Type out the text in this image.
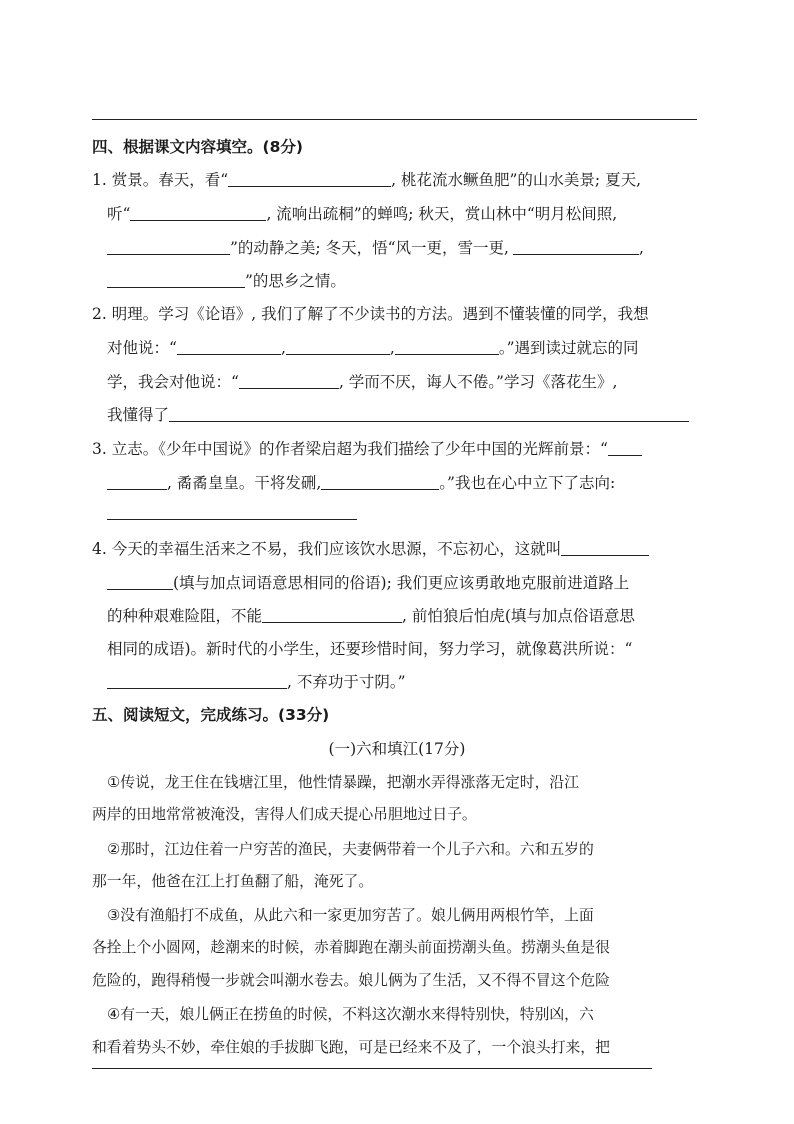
四、根据课文内容填空。(8分)
1. 赏景。春天，看“	, 桃花流水鳜鱼肥”的山水美景; 夏天,
听“	, 流响出疏桐”的蝉鸣; 秋天，赏山林中“明月松间照,
”的动静之美; 冬天，悟“风一更，雪一更,	,
”的思乡之情。
2. 明理。学习《论语》, 我们了解了不少读书的方法。遇到不懂装懂的同学，我想
对他说：“	,	,	。”遇到读过就忘的同
学，我会对他说：“	, 学而不厌，诲人不倦。”学习《落花生》,
我懂得了
3. 立志。《少年中国说》的作者梁启超为我们描绘了少年中国的光辉前景：“
, 矞矞皇皇。干将发硎,	。”我也在心中立下了志向:
4. 今天的幸福生活来之不易，我们应该饮水思源，不忘初心，这就叫
(填与加点词语意思相同的俗语); 我们更应该勇敢地克服前进道路上
的种种艰难险阻，不能	, 前怕狼后怕虎(填与加点俗语意思
相同的成语)。新时代的小学生，还要珍惜时间，努力学习，就像葛洪所说：“
, 不弃功于寸阴。”
五、阅读短文，完成练习。(33分)
(一)六和填江(17分)
①传说，龙王住在钱塘江里，他性情暴躁，把潮水弄得涨落无定时，沿江
两岸的田地常常被淹没，害得人们成天提心吊胆地过日子。
②那时，江边住着一户穷苦的渔民，夫妻俩带着一个儿子六和。六和五岁的
那一年，他爸在江上打鱼翻了船，淹死了。
③没有渔船打不成鱼，从此六和一家更加穷苦了。娘儿俩用两根竹竿，上面
各拴上个小圆网，趁潮来的时候，赤着脚跑在潮头前面捞潮头鱼。捞潮头鱼是很
危险的，跑得稍慢一步就会叫潮水卷去。娘儿俩为了生活，又不得不冒这个危险
④有一天，娘儿俩正在捞鱼的时候，不料这次潮水来得特别快，特别凶，六
和看着势头不妙，牵住娘的手拔脚飞跑，可是已经来不及了，一个浪头打来，把
